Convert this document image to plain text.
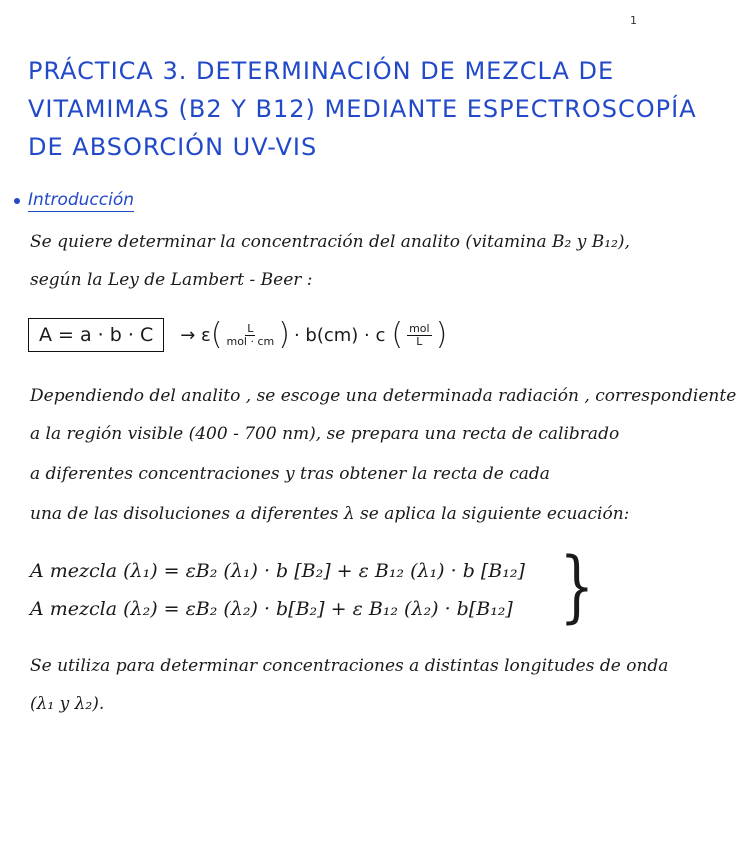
1
PRÁCTICA 3. DETERMINACIÓN DE MEZCLA DE
VITAMIMAS (B2 Y B12) MEDIANTE ESPECTROSCOPÍA
DE ABSORCIÓN UV-VIS
Introducción
Se quiere determinar la concentración del analito (vitamina B₂ y B₁₂),
según la Ley de Lambert - Beer :
A = a · b · C	→ ε ( $\frac{L}{\text{mol · cm}}$ ) · b(cm) · c ( $\frac{\text{mol}}{L}$ )
Dependiendo del analito , se escoge una determinada radiación , correspondiente
a la región visible (400 - 700 nm), se prepara una recta de calibrado
a diferentes concentraciones y tras obtener la recta de cada
una de las disoluciones a diferentes λ se aplica la siguiente ecuación:
A mezcla (λ₁) = εB₂ (λ₁) · b [B₂] + ε B₁₂ (λ₁) · b [B₁₂]
A mezcla (λ₂) = εB₂ (λ₂) · b[B₂] + ε B₁₂ (λ₂) · b[B₁₂] }
Se utiliza para determinar concentraciones a distintas longitudes de onda
(λ₁ y λ₂).
